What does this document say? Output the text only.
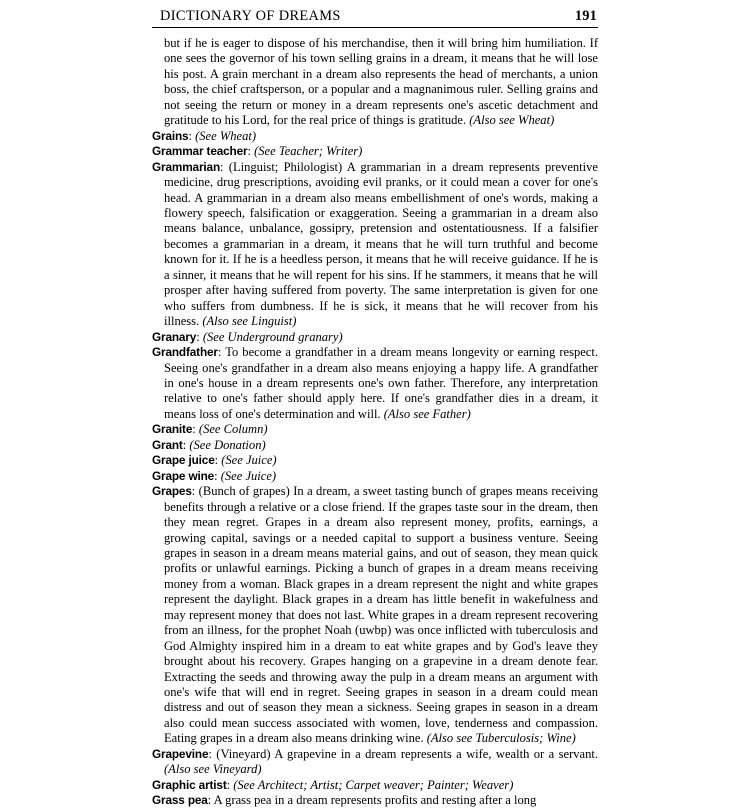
DICTIONARY OF DREAMS	191

but if he is eager to dispose of his merchandise, then it will bring him humiliation. If one sees the governor of his town selling grains in a dream, it means that he will lose his post. A grain merchant in a dream also represents the head of merchants, a union boss, the chief craftsperson, or a popular and a magnanimous ruler. Selling grains and not seeing the return or money in a dream represents one's ascetic detachment and gratitude to his Lord, for the real price of things is gratitude. (Also see Wheat)

Grains: (See Wheat)

Grammar teacher: (See Teacher; Writer)

Grammarian: (Linguist; Philologist) A grammarian in a dream represents preventive medicine, drug prescriptions, avoiding evil pranks, or it could mean a cover for one's head. A grammarian in a dream also means embellishment of one's words, making a flowery speech, falsification or exaggeration. Seeing a grammarian in a dream also means balance, unbalance, gossipry, pretension and ostentatiousness. If a falsifier becomes a grammarian in a dream, it means that he will turn truthful and become known for it. If he is a heedless person, it means that he will receive guidance. If he is a sinner, it means that he will repent for his sins. If he stammers, it means that he will prosper after having suffered from poverty. The same interpretation is given for one who suffers from dumbness. If he is sick, it means that he will recover from his illness. (Also see Linguist)

Granary: (See Underground granary)

Grandfather: To become a grandfather in a dream means longevity or earning respect. Seeing one's grandfather in a dream also means enjoying a happy life. A grandfather in one's house in a dream represents one's own father. Therefore, any interpretation relative to one's father should apply here. If one's grandfather dies in a dream, it means loss of one's determination and will. (Also see Father)

Granite: (See Column)

Grant: (See Donation)

Grape juice: (See Juice)

Grape wine: (See Juice)

Grapes: (Bunch of grapes) In a dream, a sweet tasting bunch of grapes means receiving benefits through a relative or a close friend. If the grapes taste sour in the dream, then they mean regret. Grapes in a dream also represent money, profits, earnings, a growing capital, savings or a needed capital to support a business venture. Seeing grapes in season in a dream means material gains, and out of season, they mean quick profits or unlawful earnings. Picking a bunch of grapes in a dream means receiving money from a woman. Black grapes in a dream represent the night and white grapes represent the daylight. Black grapes in a dream has little benefit in wakefulness and may represent money that does not last. White grapes in a dream represent recovering from an illness, for the prophet Noah (uwbp) was once inflicted with tuberculosis and God Almighty inspired him in a dream to eat white grapes and by God's leave they brought about his recovery. Grapes hanging on a grapevine in a dream denote fear. Extracting the seeds and throwing away the pulp in a dream means an argument with one's wife that will end in regret. Seeing grapes in season in a dream could mean distress and out of season they mean a sickness. Seeing grapes in season in a dream also could mean success associated with women, love, tenderness and compassion. Eating grapes in a dream also means drinking wine. (Also see Tuberculosis; Wine)

Grapevine: (Vineyard) A grapevine in a dream represents a wife, wealth or a servant. (Also see Vineyard)

Graphic artist: (See Architect; Artist; Carpet weaver; Painter; Weaver)

Grass pea: A grass pea in a dream represents profits and resting after a long
